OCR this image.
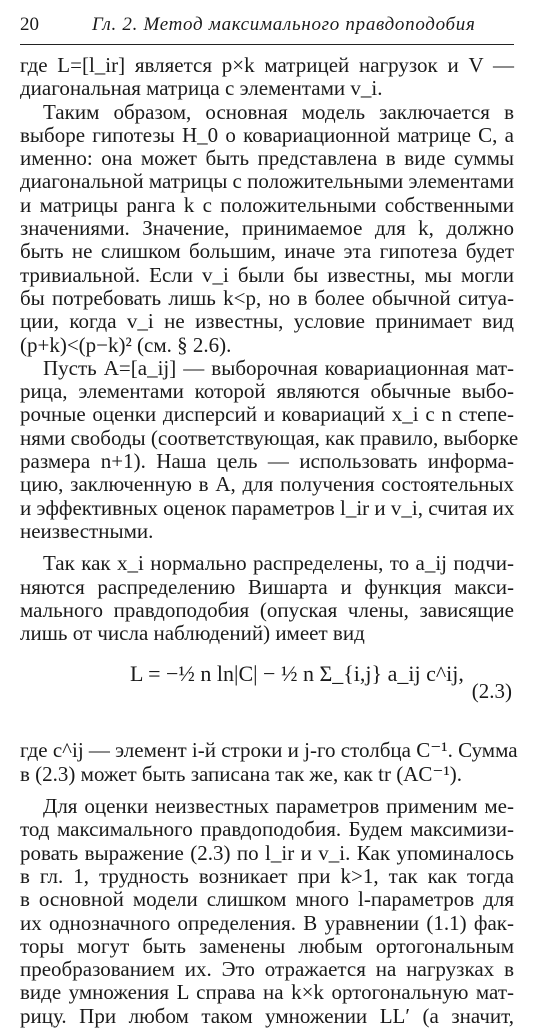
20	Гл. 2. Метод максимального правдоподобия
где L=[l_ir] является p×k матрицей нагрузок и V —
диагональная матрица с элементами v_i.
Таким образом, основная модель заключается в
выборе гипотезы H_0 о ковариационной матрице C, а
именно: она может быть представлена в виде суммы
диагональной матрицы с положительными элементами
и матрицы ранга k с положительными собственными
значениями. Значение, принимаемое для k, должно
быть не слишком большим, иначе эта гипотеза будет
тривиальной. Если v_i были бы известны, мы могли
бы потребовать лишь k<p, но в более обычной ситуа-
ции, когда v_i не известны, условие принимает вид
(p+k)<(p−k)² (см. § 2.6).
Пусть A=[a_ij] — выборочная ковариационная мат-
рица, элементами которой являются обычные выбо-
рочные оценки дисперсий и ковариаций x_i с n степе-
нями свободы (соответствующая, как правило, выборке
размера n+1). Наша цель — использовать информа-
цию, заключенную в A, для получения состоятельных
и эффективных оценок параметров l_ir и v_i, считая их
неизвестными.
Так как x_i нормально распределены, то a_ij подчи-
няются распределению Вишарта и функция макси-
мального правдоподобия (опуская члены, зависящие
лишь от числа наблюдений) имеет вид
L = −½ n ln|C| − ½ n Σ_{i,j} a_ij c^ij,
(2.3)
где c^ij — элемент i-й строки и j-го столбца C⁻¹. Сумма
в (2.3) может быть записана так же, как tr (AC⁻¹).
Для оценки неизвестных параметров применим ме-
тод максимального правдоподобия. Будем максимизи-
ровать выражение (2.3) по l_ir и v_i. Как упоминалось
в гл. 1, трудность возникает при k>1, так как тогда
в основной модели слишком много l-параметров для
их однозначного определения. В уравнении (1.1) фак-
торы могут быть заменены любым ортогональным
преобразованием их. Это отражается на нагрузках в
виде умножения L справа на k×k ортогональную мат-
рицу. При любом таком умножении LL′ (а значит,
